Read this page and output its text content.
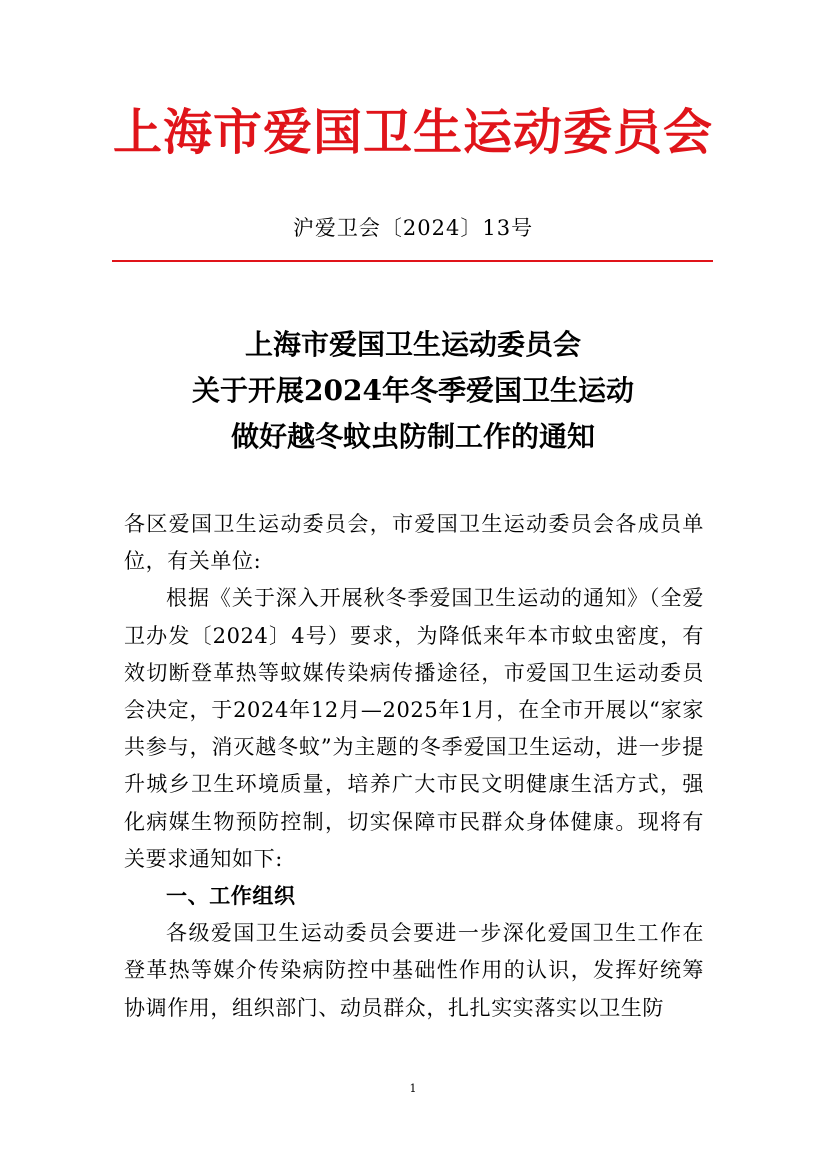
上海市爱国卫生运动委员会
沪爱卫会〔2024〕13号
上海市爱国卫生运动委员会
关于开展2024年冬季爱国卫生运动
做好越冬蚊虫防制工作的通知

各区爱国卫生运动委员会，市爱国卫生运动委员会各成员单位，有关单位:

根据《关于深入开展秋冬季爱国卫生运动的通知》（全爱卫办发〔2024〕4号）要求，为降低来年本市蚊虫密度，有效切断登革热等蚊媒传染病传播途径，市爱国卫生运动委员会决定，于2024年12月—2025年1月，在全市开展以“家家共参与，消灭越冬蚊”为主题的冬季爱国卫生运动，进一步提升城乡卫生环境质量，培养广大市民文明健康生活方式，强化病媒生物预防控制，切实保障市民群众身体健康。现将有关要求通知如下:

一、工作组织

各级爱国卫生运动委员会要进一步深化爱国卫生工作在登革热等媒介传染病防控中基础性作用的认识，发挥好统筹协调作用，组织部门、动员群众，扎扎实实落实以卫生防

1
